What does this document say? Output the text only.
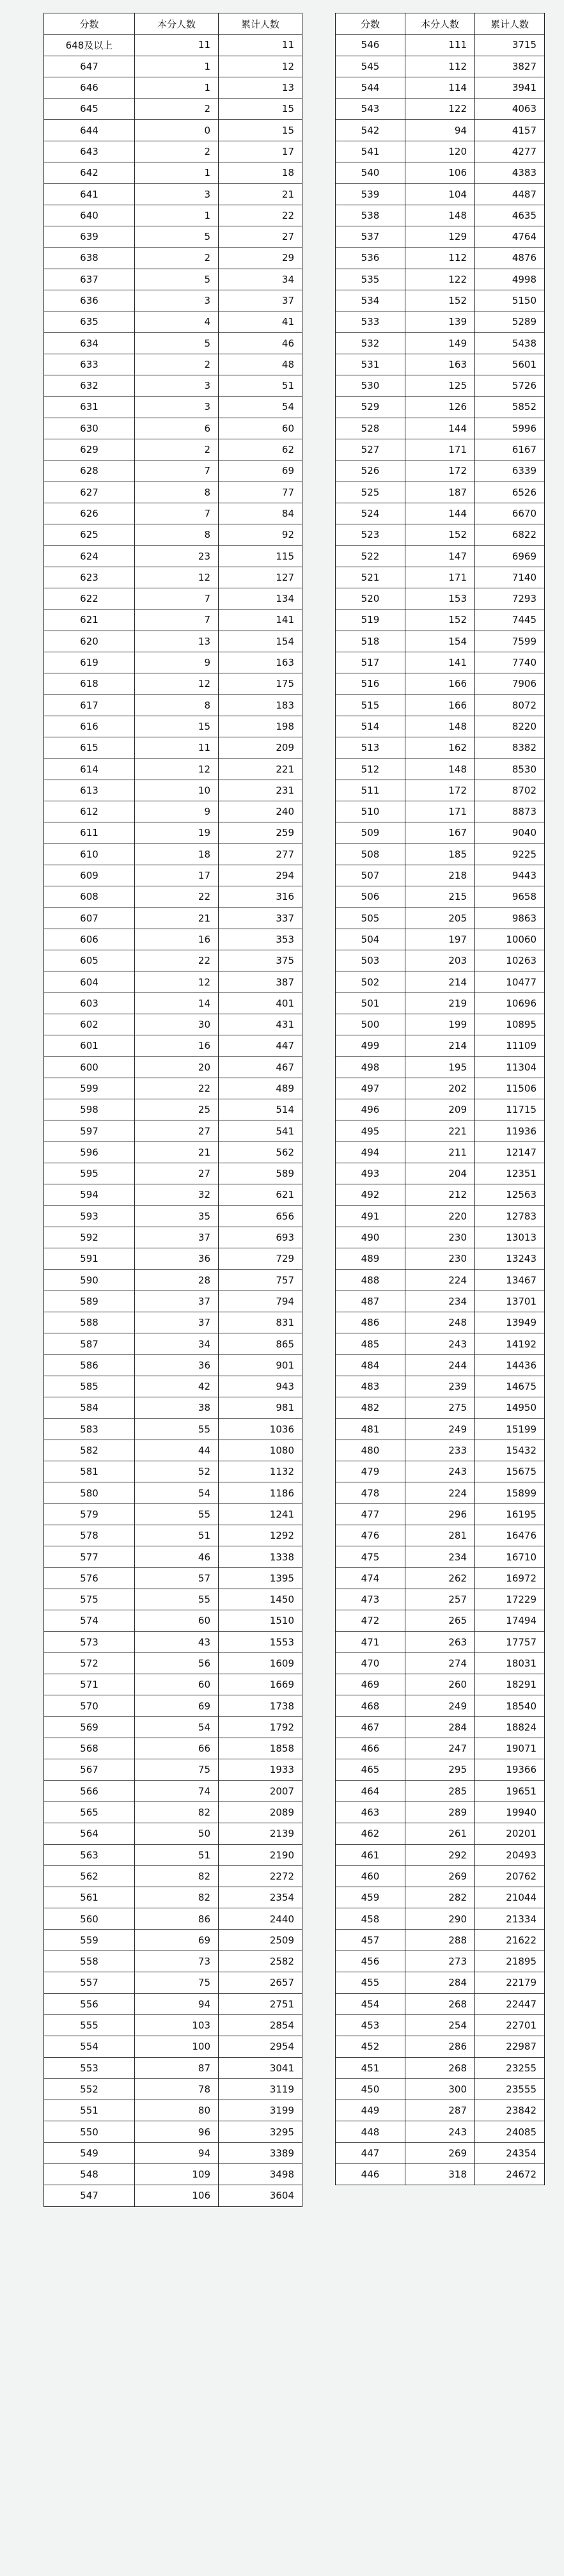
分数	本分人数	累计人数
648及以上	11	11
647	1	12
646	1	13
645	2	15
644	0	15
643	2	17
642	1	18
641	3	21
640	1	22
639	5	27
638	2	29
637	5	34
636	3	37
635	4	41
634	5	46
633	2	48
632	3	51
631	3	54
630	6	60
629	2	62
628	7	69
627	8	77
626	7	84
625	8	92
624	23	115
623	12	127
622	7	134
621	7	141
620	13	154
619	9	163
618	12	175
617	8	183
616	15	198
615	11	209
614	12	221
613	10	231
612	9	240
611	19	259
610	18	277
609	17	294
608	22	316
607	21	337
606	16	353
605	22	375
604	12	387
603	14	401
602	30	431
601	16	447
600	20	467
599	22	489
598	25	514
597	27	541
596	21	562
595	27	589
594	32	621
593	35	656
592	37	693
591	36	729
590	28	757
589	37	794
588	37	831
587	34	865
586	36	901
585	42	943
584	38	981
583	55	1036
582	44	1080
581	52	1132
580	54	1186
579	55	1241
578	51	1292
577	46	1338
576	57	1395
575	55	1450
574	60	1510
573	43	1553
572	56	1609
571	60	1669
570	69	1738
569	54	1792
568	66	1858
567	75	1933
566	74	2007
565	82	2089
564	50	2139
563	51	2190
562	82	2272
561	82	2354
560	86	2440
559	69	2509
558	73	2582
557	75	2657
556	94	2751
555	103	2854
554	100	2954
553	87	3041
552	78	3119
551	80	3199
550	96	3295
549	94	3389
548	109	3498
547	106	3604
分数	本分人数	累计人数
546	111	3715
545	112	3827
544	114	3941
543	122	4063
542	94	4157
541	120	4277
540	106	4383
539	104	4487
538	148	4635
537	129	4764
536	112	4876
535	122	4998
534	152	5150
533	139	5289
532	149	5438
531	163	5601
530	125	5726
529	126	5852
528	144	5996
527	171	6167
526	172	6339
525	187	6526
524	144	6670
523	152	6822
522	147	6969
521	171	7140
520	153	7293
519	152	7445
518	154	7599
517	141	7740
516	166	7906
515	166	8072
514	148	8220
513	162	8382
512	148	8530
511	172	8702
510	171	8873
509	167	9040
508	185	9225
507	218	9443
506	215	9658
505	205	9863
504	197	10060
503	203	10263
502	214	10477
501	219	10696
500	199	10895
499	214	11109
498	195	11304
497	202	11506
496	209	11715
495	221	11936
494	211	12147
493	204	12351
492	212	12563
491	220	12783
490	230	13013
489	230	13243
488	224	13467
487	234	13701
486	248	13949
485	243	14192
484	244	14436
483	239	14675
482	275	14950
481	249	15199
480	233	15432
479	243	15675
478	224	15899
477	296	16195
476	281	16476
475	234	16710
474	262	16972
473	257	17229
472	265	17494
471	263	17757
470	274	18031
469	260	18291
468	249	18540
467	284	18824
466	247	19071
465	295	19366
464	285	19651
463	289	19940
462	261	20201
461	292	20493
460	269	20762
459	282	21044
458	290	21334
457	288	21622
456	273	21895
455	284	22179
454	268	22447
453	254	22701
452	286	22987
451	268	23255
450	300	23555
449	287	23842
448	243	24085
447	269	24354
446	318	24672
